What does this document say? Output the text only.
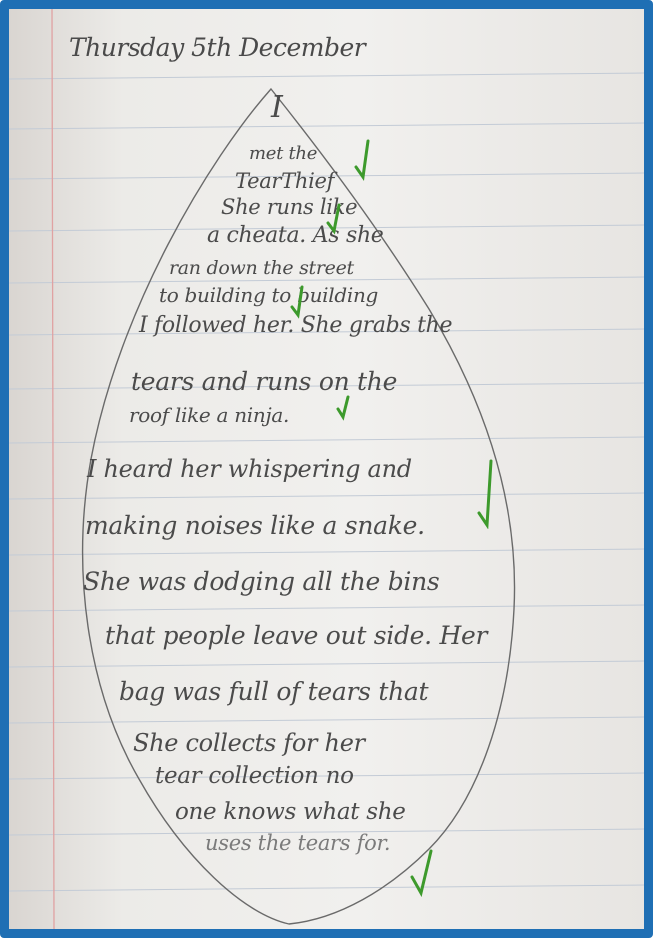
Thursday 5th December
I
met the
TearThief
She runs like
a cheata. As she
ran down the street
to building to building
I followed her. She grabs the
tears and runs on the
roof like a ninja.
I heard her whispering and
making noises like a snake.
She was dodging all the bins
that people leave out side. Her
bag was full of tears that
She collects for her
tear collection no
one knows what she
uses the tears for.
